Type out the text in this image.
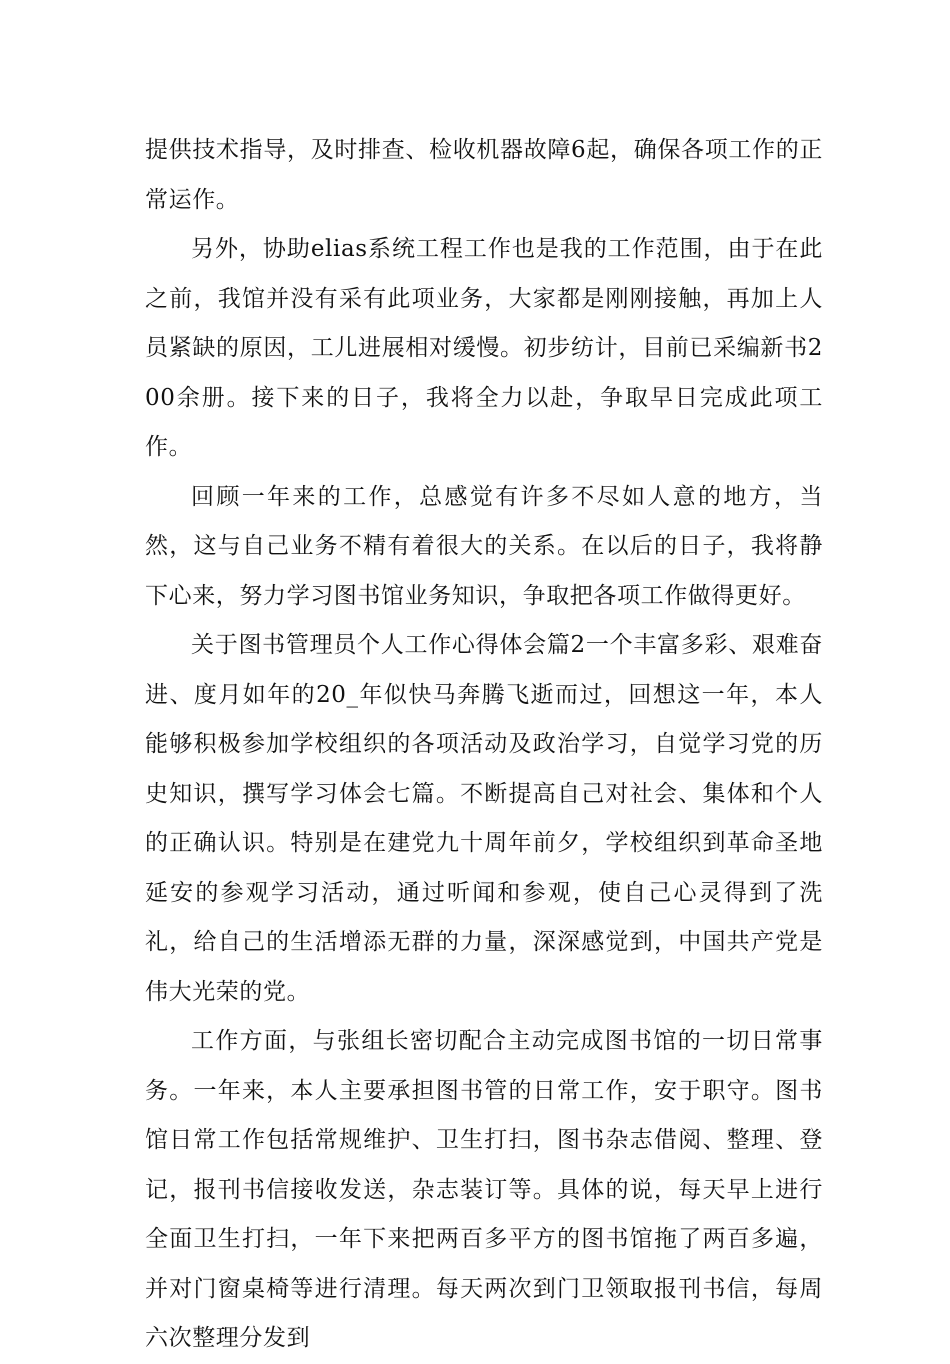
提供技术指导，及时排查、检收机器故障6起，确保各项工作的正常运作。

另外，协助elias系统工程工作也是我的工作范围，由于在此之前，我馆并没有采有此项业务，大家都是刚刚接触，再加上人员紧缺的原因，工儿进展相对缓慢。初步纺计，目前已采编新书200余册。接下来的日子，我将全力以赴，争取早日完成此项工作。

回顾一年来的工作，总感觉有许多不尽如人意的地方，当然，这与自己业务不精有着很大的关系。在以后的日子，我将静下心来，努力学习图书馆业务知识，争取把各项工作做得更好。

关于图书管理员个人工作心得体会篇2一个丰富多彩、艰难奋进、度月如年的20_年似快马奔腾飞逝而过，回想这一年，本人能够积极参加学校组织的各项活动及政治学习，自觉学习党的历史知识，撰写学习体会七篇。不断提高自己对社会、集体和个人的正确认识。特别是在建党九十周年前夕，学校组织到革命圣地延安的参观学习活动，通过听闻和参观，使自己心灵得到了洗礼，给自己的生活增添无群的力量，深深感觉到，中国共产党是伟大光荣的党。

工作方面，与张组长密切配合主动完成图书馆的一切日常事务。一年来，本人主要承担图书管的日常工作，安于职守。图书馆日常工作包括常规维护、卫生打扫，图书杂志借阅、整理、登记，报刊书信接收发送，杂志装订等。具体的说，每天早上进行全面卫生打扫，一年下来把两百多平方的图书馆拖了两百多遍，并对门窗桌椅等进行清理。每天两次到门卫领取报刊书信，每周六次整理分发到
